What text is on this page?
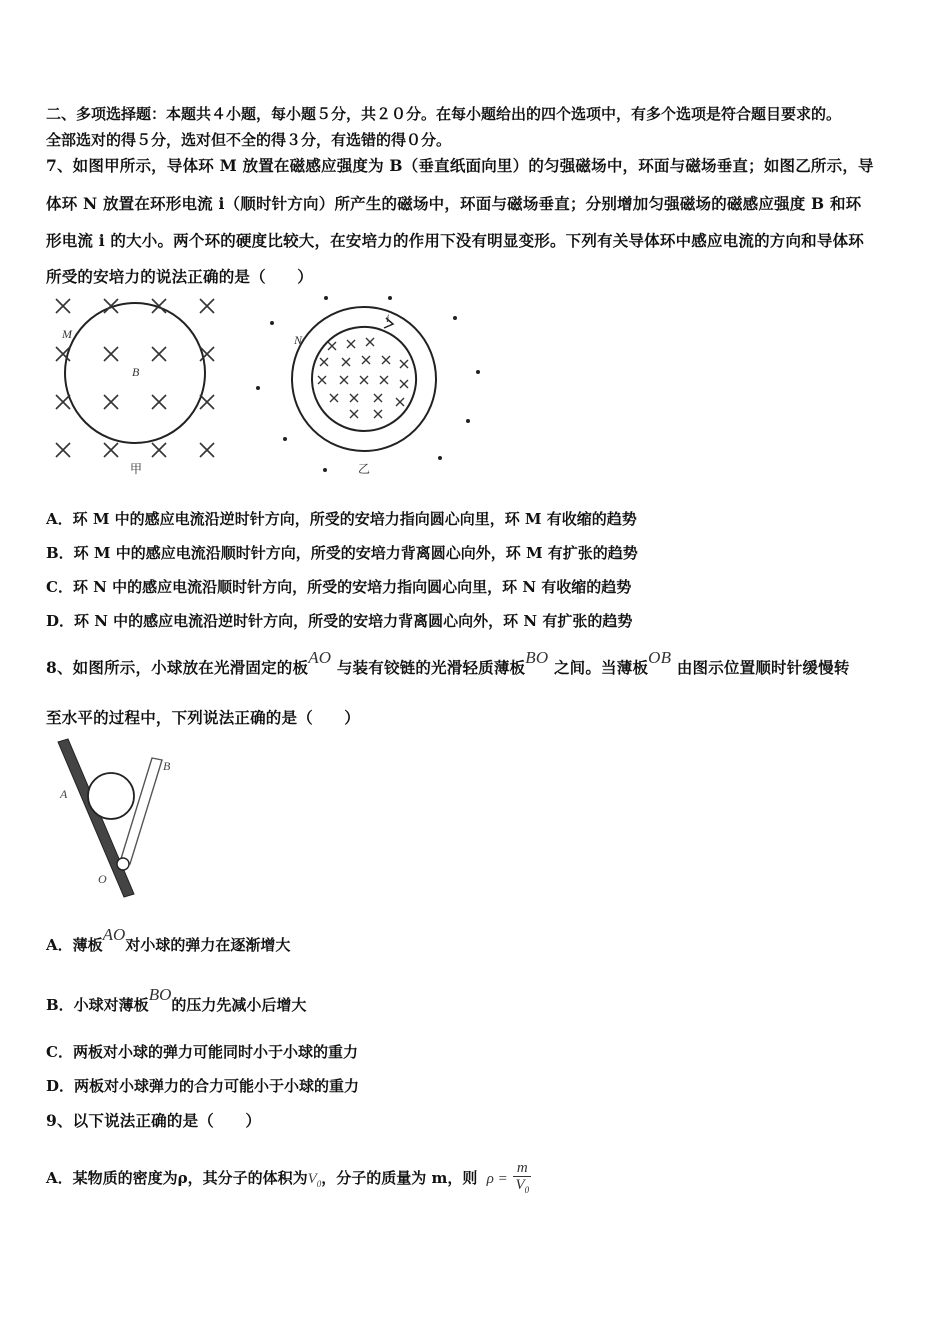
二、多项选择题：本题共４小题，每小题５分，共２０分。在每小题给出的四个选项中，有多个选项是符合题目要求的。
全部选对的得５分，选对但不全的得３分，有选错的得０分。
7、如图甲所示，导体环 M 放置在磁感应强度为 B（垂直纸面向里）的匀强磁场中，环面与磁场垂直；如图乙所示，导
体环 N 放置在环形电流 i（顺时针方向）所产生的磁场中，环面与磁场垂直；分别增加匀强磁场的磁感应强度 B 和环
形电流 i 的大小。两个环的硬度比较大，在安培力的作用下没有明显变形。下列有关导体环中感应电流的方向和导体环
所受的安培力的说法正确的是（　　）
M
B
甲
N
i
乙
A．环 M 中的感应电流沿逆时针方向，所受的安培力指向圆心向里，环 M 有收缩的趋势
B．环 M 中的感应电流沿顺时针方向，所受的安培力背离圆心向外，环 M 有扩张的趋势
C．环 N 中的感应电流沿顺时针方向，所受的安培力指向圆心向里，环 N 有收缩的趋势
D．环 N 中的感应电流沿逆时针方向，所受的安培力背离圆心向外，环 N 有扩张的趋势
8、如图所示，小球放在光滑固定的板AO 与装有铰链的光滑轻质薄板BO 之间。当薄板OB 由图示位置顺时针缓慢转
至水平的过程中，下列说法正确的是（　　）
A
B
O
A．薄板AO对小球的弹力在逐渐增大
B．小球对薄板BO的压力先减小后增大
C．两板对小球的弹力可能同时小于小球的重力
D．两板对小球弹力的合力可能小于小球的重力
9、以下说法正确的是（　　）
A．某物质的密度为ρ，其分子的体积为$V_0$，分子的质量为 m，则 $\rho = \frac{m}{V_0}$
